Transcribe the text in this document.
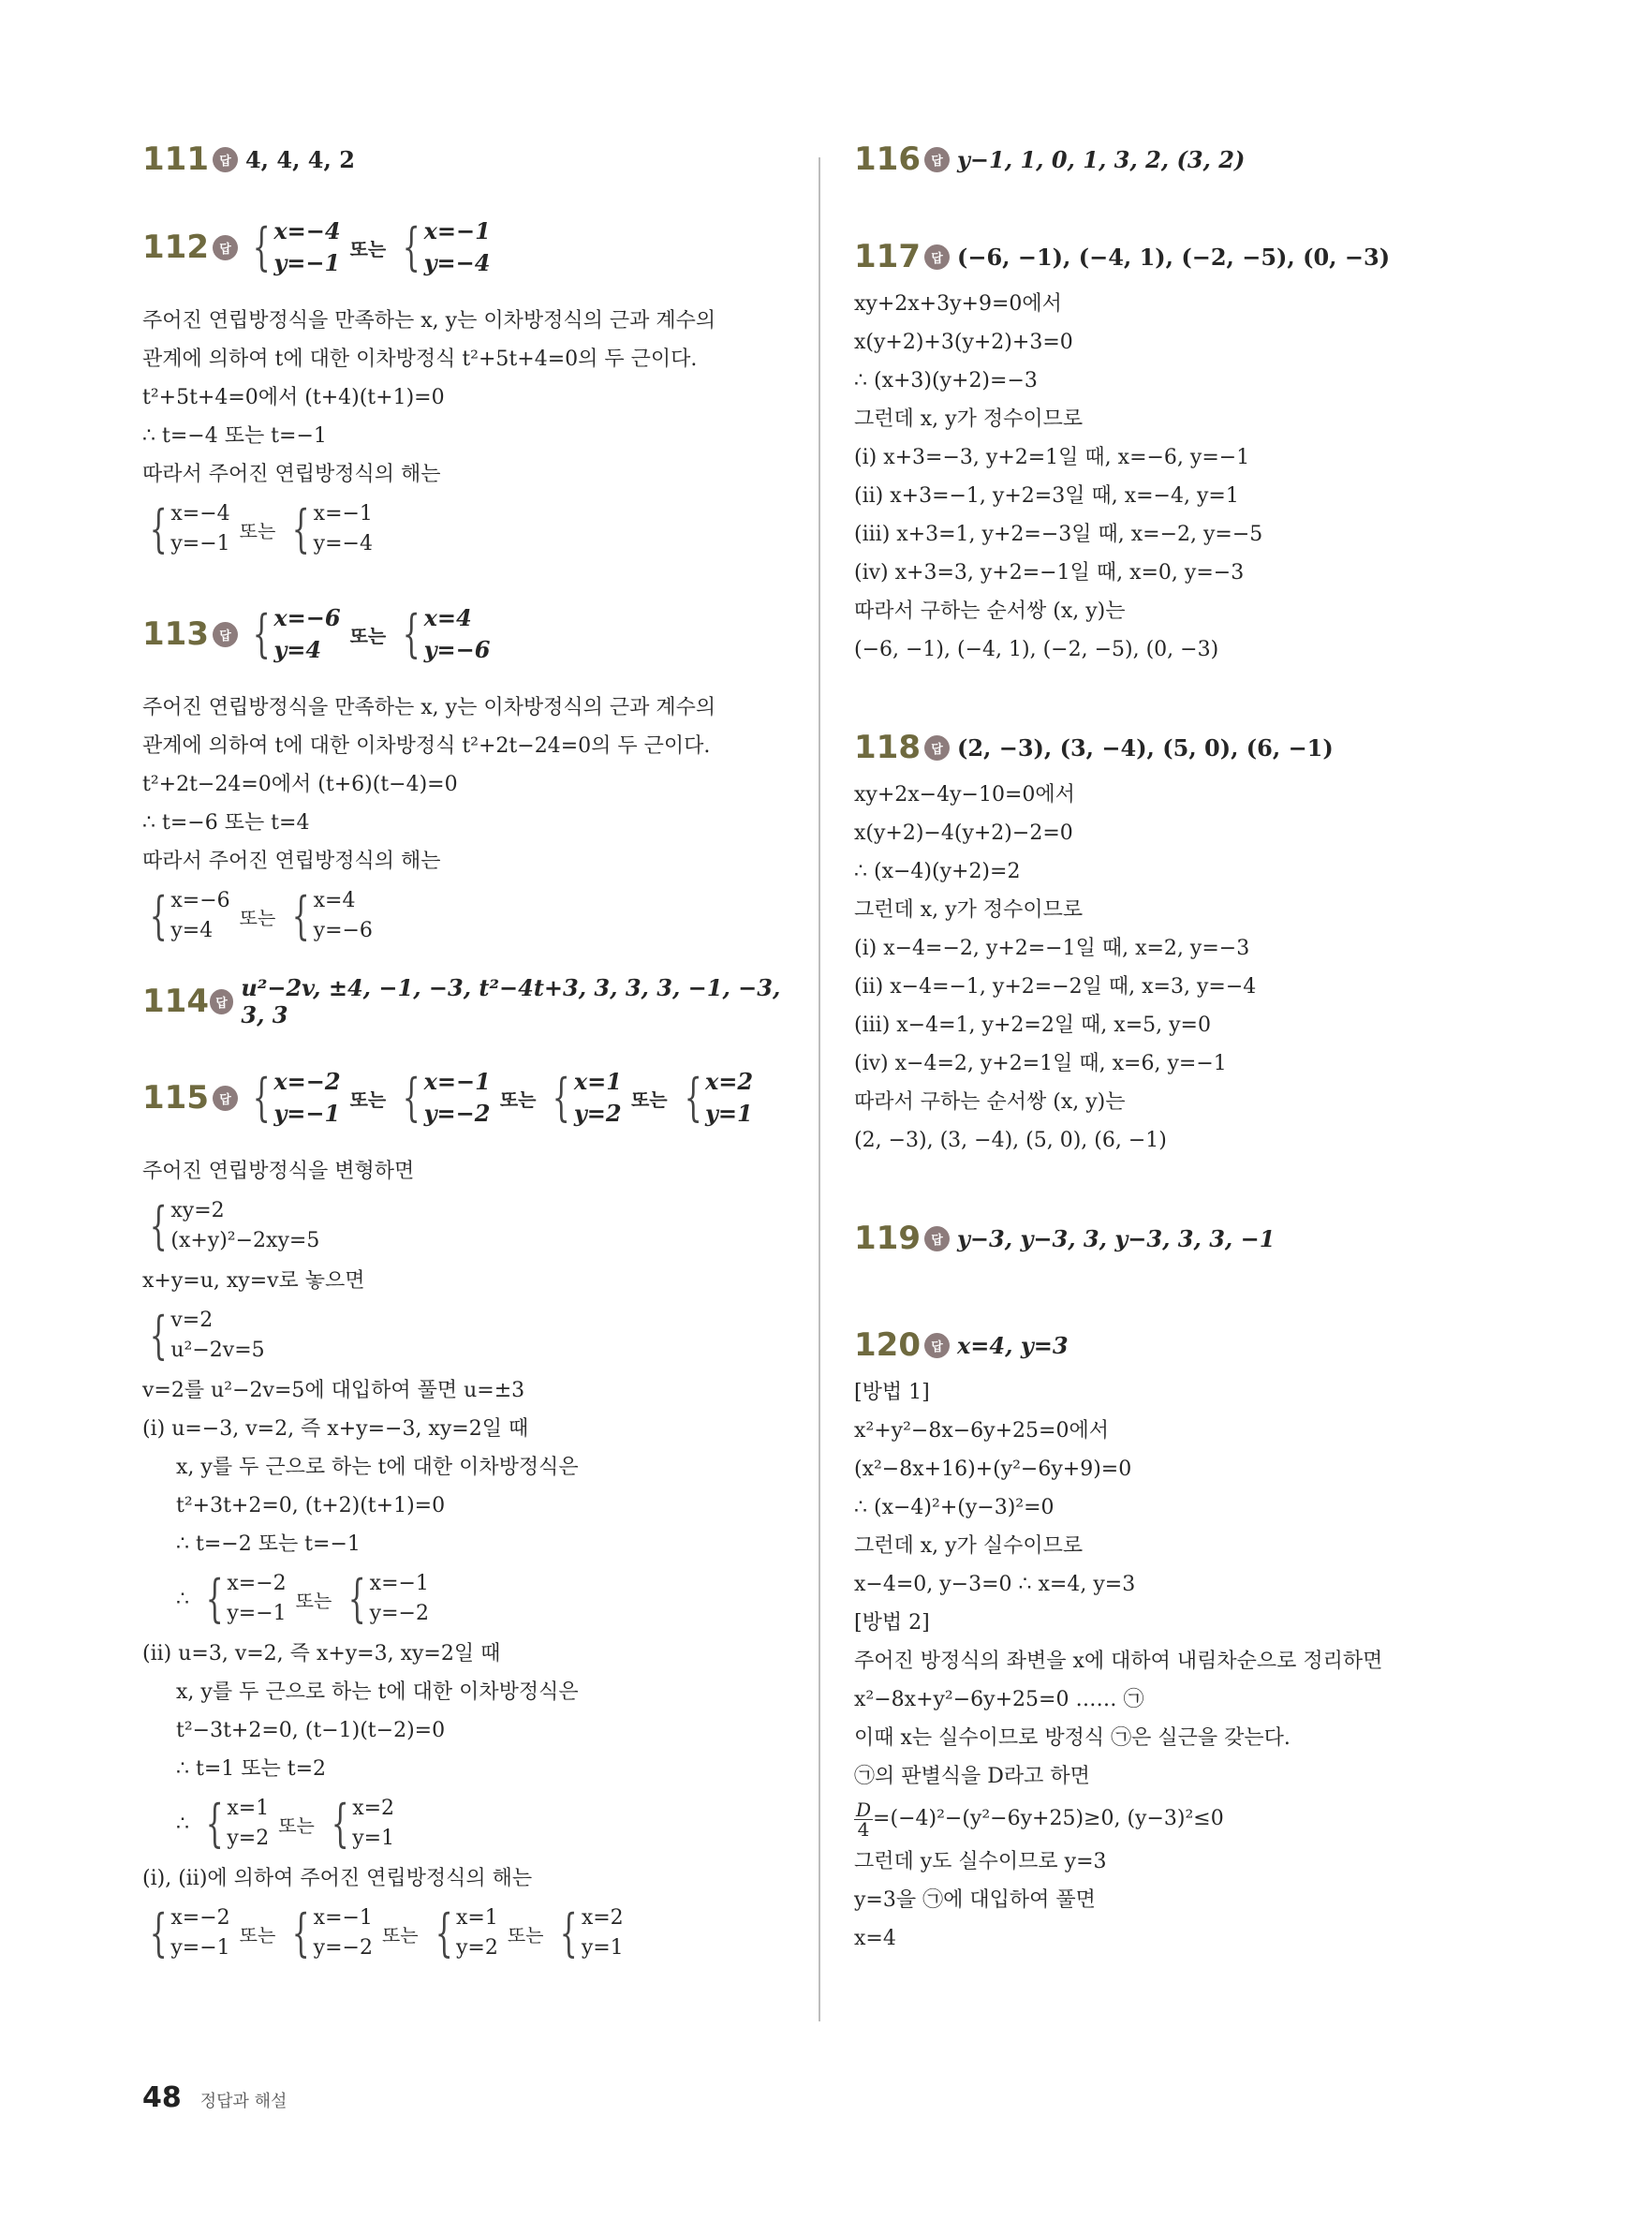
111 답 4, 4, 4, 2
112 답 { x=−4
y=−1
또는 { x=−1
y=−4
주어진 연립방정식을 만족하는 x, y는 이차방정식의 근과 계수의
관계에 의하여 t에 대한 이차방정식 t²+5t+4=0의 두 근이다.
t²+5t+4=0에서 (t+4)(t+1)=0
∴ t=−4 또는 t=−1
따라서 주어진 연립방정식의 해는
{ x=−4
y=−1
또는 { x=−1
y=−4
113 답 { x=−6
y=4
또는 { x=4
y=−6
주어진 연립방정식을 만족하는 x, y는 이차방정식의 근과 계수의
관계에 의하여 t에 대한 이차방정식 t²+2t−24=0의 두 근이다.
t²+2t−24=0에서 (t+6)(t−4)=0
∴ t=−6 또는 t=4
따라서 주어진 연립방정식의 해는
{ x=−6
y=4
또는 { x=4
y=−6
114 답
u²−2v, ±4, −1, −3, t²−4t+3, 3, 3, 3, −1, −3, 3, 3
115 답 { x=−2
y=−1
또는 { x=−1
y=−2
또는 { x=1
y=2
또는 { x=2
y=1
주어진 연립방정식을 변형하면
{ xy=2
(x+y)²−2xy=5
x+y=u, xy=v로 놓으면
{ v=2
u²−2v=5
v=2를 u²−2v=5에 대입하여 풀면 u=±3
(i) u=−3, v=2, 즉 x+y=−3, xy=2일 때
x, y를 두 근으로 하는 t에 대한 이차방정식은
t²+3t+2=0, (t+2)(t+1)=0
∴ t=−2 또는 t=−1
∴ { x=−2
y=−1
또는 { x=−1
y=−2
(ii) u=3, v=2, 즉 x+y=3, xy=2일 때
x, y를 두 근으로 하는 t에 대한 이차방정식은
t²−3t+2=0, (t−1)(t−2)=0
∴ t=1 또는 t=2
∴ { x=1
y=2
또는 { x=2
y=1
(i), (ii)에 의하여 주어진 연립방정식의 해는
{ x=−2
y=−1
또는 { x=−1
y=−2
또는 { x=1
y=2
또는 { x=2
y=1
116 답 y−1, 1, 0, 1, 3, 2, (3, 2)
117 답 (−6, −1), (−4, 1), (−2, −5), (0, −3)
xy+2x+3y+9=0에서
x(y+2)+3(y+2)+3=0
∴ (x+3)(y+2)=−3
그런데 x, y가 정수이므로
(i) x+3=−3, y+2=1일 때, x=−6, y=−1
(ii) x+3=−1, y+2=3일 때, x=−4, y=1
(iii) x+3=1, y+2=−3일 때, x=−2, y=−5
(iv) x+3=3, y+2=−1일 때, x=0, y=−3
따라서 구하는 순서쌍 (x, y)는
(−6, −1), (−4, 1), (−2, −5), (0, −3)
118 답 (2, −3), (3, −4), (5, 0), (6, −1)
xy+2x−4y−10=0에서
x(y+2)−4(y+2)−2=0
∴ (x−4)(y+2)=2
그런데 x, y가 정수이므로
(i) x−4=−2, y+2=−1일 때, x=2, y=−3
(ii) x−4=−1, y+2=−2일 때, x=3, y=−4
(iii) x−4=1, y+2=2일 때, x=5, y=0
(iv) x−4=2, y+2=1일 때, x=6, y=−1
따라서 구하는 순서쌍 (x, y)는
(2, −3), (3, −4), (5, 0), (6, −1)
119 답 y−3, y−3, 3, y−3, 3, 3, −1
120 답 x=4, y=3
[방법 1]
x²+y²−8x−6y+25=0에서
(x²−8x+16)+(y²−6y+9)=0
∴ (x−4)²+(y−3)²=0
그런데 x, y가 실수이므로
x−4=0, y−3=0 ∴ x=4, y=3
[방법 2]
주어진 방정식의 좌변을 x에 대하여 내림차순으로 정리하면
x²−8x+y²−6y+25=0 …… ㉠
이때 x는 실수이므로 방정식 ㉠은 실근을 갖는다.
㉠의 판별식을 D라고 하면
$\frac{D}{4} =(-4)^2-(y^2-6y+25)\ge 0$, (y−3)²≤0
그런데 y도 실수이므로 y=3
y=3을 ㉠에 대입하여 풀면
x=4
48 정답과 해설
